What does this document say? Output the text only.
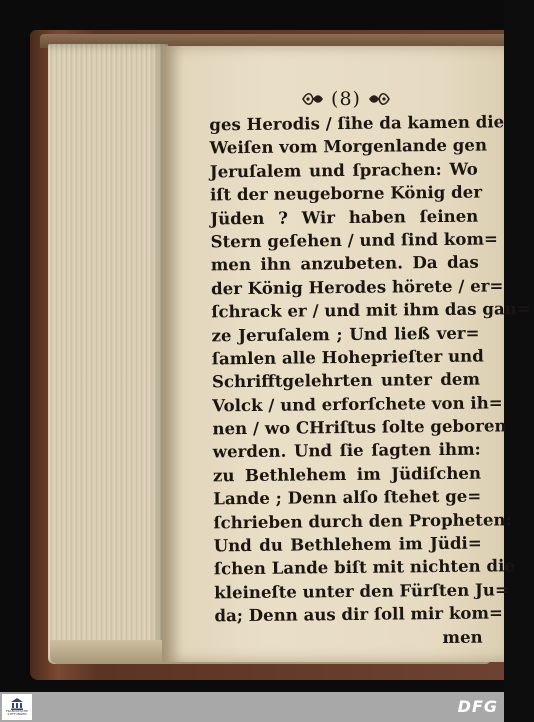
(8)
ges Herodis / ſihe da kamen die
Weiſen vom Morgenlande gen
Jeruſalem und ſprachen: Wo
iſt der neugeborne König der
Jüden ? Wir haben ſeinen
Stern geſehen / und ſind kom=
men ihn anzubeten. Da das
der König Herodes hörete / er=
ſchrack er / und mit ihm das gan=
ze Jeruſalem ; Und ließ ver=
ſamlen alle Hoheprieſter und
Schrifftgelehrten unter dem
Volck / und erforſchete von ih=
nen / wo CHriſtus ſolte geboren
werden. Und ſie ſagten ihm:
zu Bethlehem im Jüdiſchen
Lande ; Denn alſo ſtehet ge=
ſchrieben durch den Propheten:
Und du Bethlehem im Jüdi=
ſchen Lande biſt mit nichten die
kleineſte unter den Fürſten Ju=
da; Denn aus dir ſoll mir kom=
men
FRANCKESCHE
STIFTUNGEN	DFG
